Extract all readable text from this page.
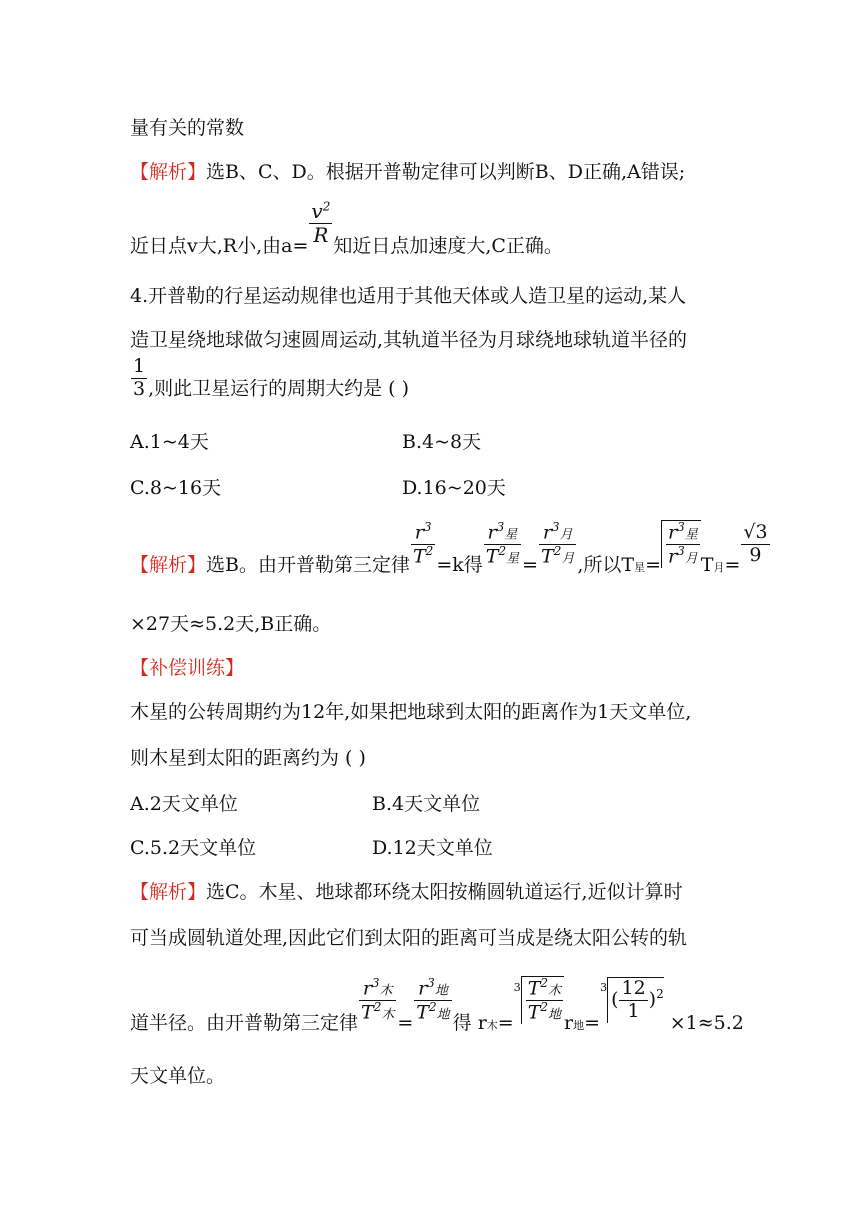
量有关的常数
【解析】选B、C、D。根据开普勒定律可以判断B、D正确,A错误;
近日点v大,R小,由$a= \frac{v^2}{R}$ 知近日点加速度大,C正确。
4.开普勒的行星运动规律也适用于其他天体或人造卫星的运动,某人
造卫星绕地球做匀速圆周运动,其轨道半径为月球绕地球轨道半径的
$\frac{1}{3}$ ,则此卫星运行的周期大约是 ( )
A.1~4天	B.4~8天
C.8~16天	D.16~20天
【解析】选B。由开普勒第三定律 $\frac{r^3}{T^2} =k$得 $\frac{r^3星}{T^2星} = \frac{r^3月}{T^2月}$ ,所以T星= $\frac{r^3星}{r^3月}$ T月= $\frac{√3}{9}$
×27天≈5.2天,B正确。
【补偿训练】
木星的公转周期约为12年,如果把地球到太阳的距离作为1天文单位,
则木星到太阳的距离约为 ( )
A.2天文单位	B.4天文单位
C.5.2天文单位	D.12天文单位
【解析】选C。木星、地球都环绕太阳按椭圆轨道运行,近似计算时
可当成圆轨道处理,因此它们到太阳的距离可当成是绕太阳公转的轨
道半径。由开普勒第三定律 $\frac{r^3木}{T^2木} = \frac{r^3地}{T^2地}$ 得 r木$=^3 \frac{T^2木}{T^2地}$ r地$=^3( \frac{12}{1} )^2\times 1\approx 5.2$
天文单位。
